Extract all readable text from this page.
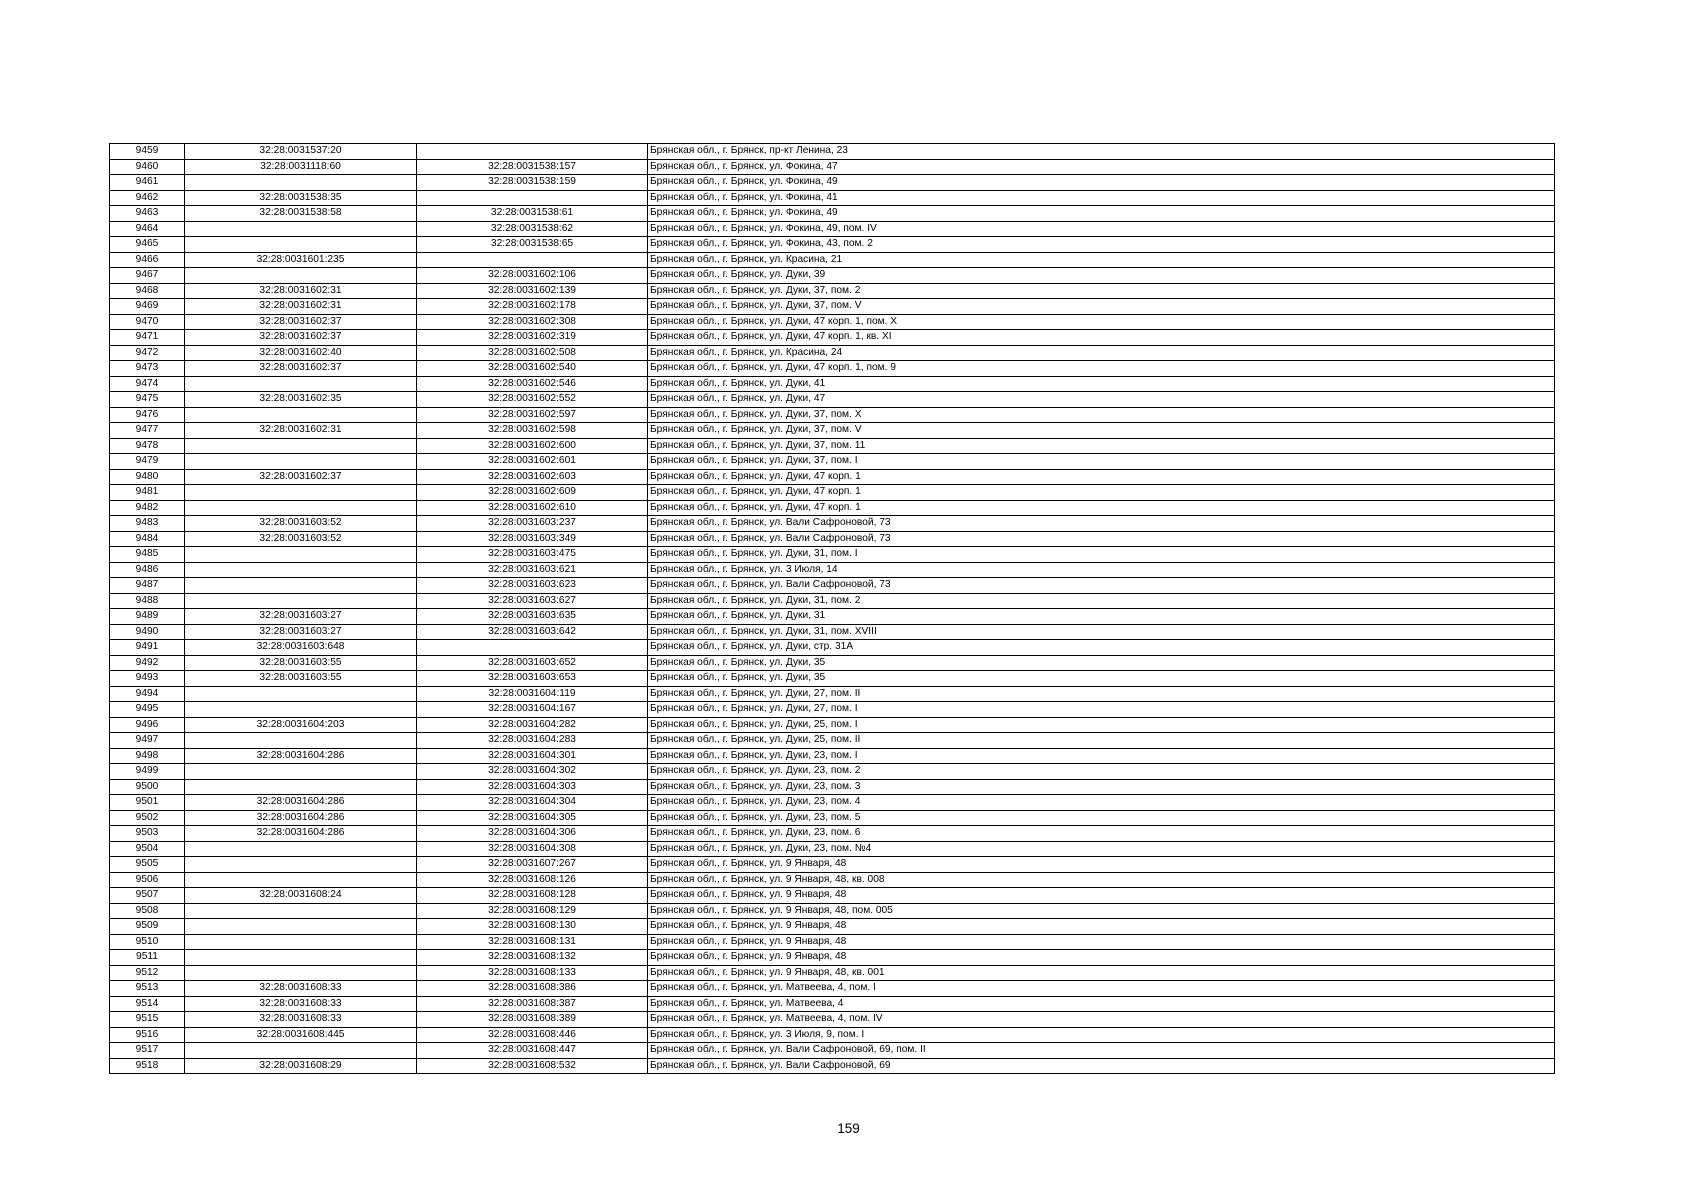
9459	32:28:0031537:20		Брянская обл., г. Брянск, пр-кт Ленина, 23
9460	32:28:0031118:60	32:28:0031538:157	Брянская обл., г. Брянск, ул. Фокина, 47
9461		32:28:0031538:159	Брянская обл., г. Брянск, ул. Фокина, 49
9462	32:28:0031538:35		Брянская обл., г. Брянск, ул. Фокина, 41
9463	32:28:0031538:58	32:28:0031538:61	Брянская обл., г. Брянск, ул. Фокина, 49
9464		32:28:0031538:62	Брянская обл., г. Брянск, ул. Фокина, 49, пом. IV
9465		32:28:0031538:65	Брянская обл., г. Брянск, ул. Фокина, 43, пом. 2
9466	32:28:0031601:235		Брянская обл., г. Брянск, ул. Красина, 21
9467		32:28:0031602:106	Брянская обл., г. Брянск, ул. Дуки, 39
9468	32:28:0031602:31	32:28:0031602:139	Брянская обл., г. Брянск, ул. Дуки, 37, пом. 2
9469	32:28:0031602:31	32:28:0031602:178	Брянская обл., г. Брянск, ул. Дуки, 37, пом. V
9470	32:28:0031602:37	32:28:0031602:308	Брянская обл., г. Брянск, ул. Дуки, 47 корп. 1, пом. X
9471	32:28:0031602:37	32:28:0031602:319	Брянская обл., г. Брянск, ул. Дуки, 47 корп. 1, кв. XI
9472	32:28:0031602:40	32:28:0031602:508	Брянская обл., г. Брянск, ул. Красина, 24
9473	32:28:0031602:37	32:28:0031602:540	Брянская обл., г. Брянск, ул. Дуки, 47 корп. 1, пом. 9
9474		32:28:0031602:546	Брянская обл., г. Брянск, ул. Дуки, 41
9475	32:28:0031602:35	32:28:0031602:552	Брянская обл., г. Брянск, ул. Дуки, 47
9476		32:28:0031602:597	Брянская обл., г. Брянск, ул. Дуки, 37, пом. X
9477	32:28:0031602:31	32:28:0031602:598	Брянская обл., г. Брянск, ул. Дуки, 37, пом. V
9478		32:28:0031602:600	Брянская обл., г. Брянск, ул. Дуки, 37, пом. 11
9479		32:28:0031602:601	Брянская обл., г. Брянск, ул. Дуки, 37, пом. I
9480	32:28:0031602:37	32:28:0031602:603	Брянская обл., г. Брянск, ул. Дуки, 47 корп. 1
9481		32:28:0031602:609	Брянская обл., г. Брянск, ул. Дуки, 47 корп. 1
9482		32:28:0031602:610	Брянская обл., г. Брянск, ул. Дуки, 47 корп. 1
9483	32:28:0031603:52	32:28:0031603:237	Брянская обл., г. Брянск, ул. Вали Сафроновой, 73
9484	32:28:0031603:52	32:28:0031603:349	Брянская обл., г. Брянск, ул. Вали Сафроновой, 73
9485		32:28:0031603:475	Брянская обл., г. Брянск, ул. Дуки, 31, пом. I
9486		32:28:0031603:621	Брянская обл., г. Брянск, ул. 3 Июля, 14
9487		32:28:0031603:623	Брянская обл., г. Брянск, ул. Вали Сафроновой, 73
9488		32:28:0031603:627	Брянская обл., г. Брянск, ул. Дуки, 31, пом. 2
9489	32:28:0031603:27	32:28:0031603:635	Брянская обл., г. Брянск, ул. Дуки, 31
9490	32:28:0031603:27	32:28:0031603:642	Брянская обл., г. Брянск, ул. Дуки, 31, пом. XVIII
9491	32:28:0031603:648		Брянская обл., г. Брянск, ул. Дуки, стр. 31А
9492	32:28:0031603:55	32:28:0031603:652	Брянская обл., г. Брянск, ул. Дуки, 35
9493	32:28:0031603:55	32:28:0031603:653	Брянская обл., г. Брянск, ул. Дуки, 35
9494		32:28:0031604:119	Брянская обл., г. Брянск, ул. Дуки, 27, пом. II
9495		32:28:0031604:167	Брянская обл., г. Брянск, ул. Дуки, 27, пом. I
9496	32:28:0031604:203	32:28:0031604:282	Брянская обл., г. Брянск, ул. Дуки, 25, пом. I
9497		32:28:0031604:283	Брянская обл., г. Брянск, ул. Дуки, 25, пом. II
9498	32:28:0031604:286	32:28:0031604:301	Брянская обл., г. Брянск, ул. Дуки, 23, пом. I
9499		32:28:0031604:302	Брянская обл., г. Брянск, ул. Дуки, 23, пом. 2
9500		32:28:0031604:303	Брянская обл., г. Брянск, ул. Дуки, 23, пом. 3
9501	32:28:0031604:286	32:28:0031604:304	Брянская обл., г. Брянск, ул. Дуки, 23, пом. 4
9502	32:28:0031604:286	32:28:0031604:305	Брянская обл., г. Брянск, ул. Дуки, 23, пом. 5
9503	32:28:0031604:286	32:28:0031604:306	Брянская обл., г. Брянск, ул. Дуки, 23, пом. 6
9504		32:28:0031604:308	Брянская обл., г. Брянск, ул. Дуки, 23, пом. №4
9505		32:28:0031607:267	Брянская обл., г. Брянск, ул. 9 Января, 48
9506		32:28:0031608:126	Брянская обл., г. Брянск, ул. 9 Января, 48, кв. 008
9507	32:28:0031608:24	32:28:0031608:128	Брянская обл., г. Брянск, ул. 9 Января, 48
9508		32:28:0031608:129	Брянская обл., г. Брянск, ул. 9 Января, 48, пом. 005
9509		32:28:0031608:130	Брянская обл., г. Брянск, ул. 9 Января, 48
9510		32:28:0031608:131	Брянская обл., г. Брянск, ул. 9 Января, 48
9511		32:28:0031608:132	Брянская обл., г. Брянск, ул. 9 Января, 48
9512		32:28:0031608:133	Брянская обл., г. Брянск, ул. 9 Января, 48, кв. 001
9513	32:28:0031608:33	32:28:0031608:386	Брянская обл., г. Брянск, ул. Матвеева, 4, пом. I
9514	32:28:0031608:33	32:28:0031608:387	Брянская обл., г. Брянск, ул. Матвеева, 4
9515	32:28:0031608:33	32:28:0031608:389	Брянская обл., г. Брянск, ул. Матвеева, 4, пом. IV
9516	32:28:0031608:445	32:28:0031608:446	Брянская обл., г. Брянск, ул. 3 Июля, 9, пом. I
9517		32:28:0031608:447	Брянская обл., г. Брянск, ул. Вали Сафроновой, 69, пом. II
9518	32:28:0031608:29	32:28:0031608:532	Брянская обл., г. Брянск, ул. Вали Сафроновой, 69
159
